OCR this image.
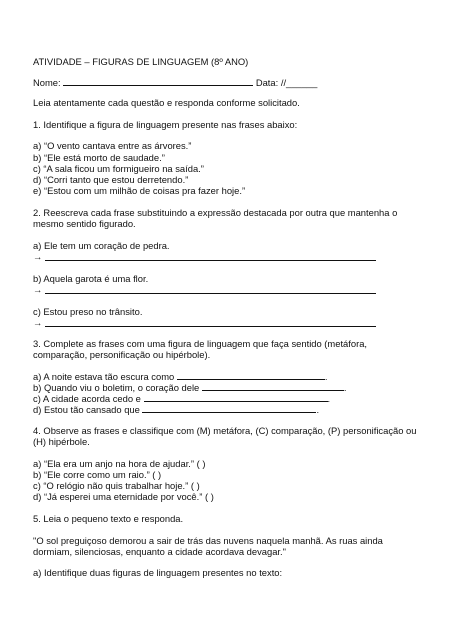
ATIVIDADE – FIGURAS DE LINGUAGEM (8º ANO)
Nome:	Data: //______
Leia atentamente cada questão e responda conforme solicitado.
1. Identifique a figura de linguagem presente nas frases abaixo:
a) “O vento cantava entre as árvores.”
b) “Ele está morto de saudade.”
c) “A sala ficou um formigueiro na saída.”
d) “Corri tanto que estou derretendo.”
e) “Estou com um milhão de coisas pra fazer hoje.”
2. Reescreva cada frase substituindo a expressão destacada por outra que mantenha o
mesmo sentido figurado.
a) Ele tem um coração de pedra.
→
b) Aquela garota é uma flor.
→
c) Estou preso no trânsito.
→
3. Complete as frases com uma figura de linguagem que faça sentido (metáfora,
comparação, personificação ou hipérbole).
a) A noite estava tão escura como	.
b) Quando viu o boletim, o coração dele	.
c) A cidade acorda cedo e	.
d) Estou tão cansado que	.
4. Observe as frases e classifique com (M) metáfora, (C) comparação, (P) personificação ou
(H) hipérbole.
a) “Ela era um anjo na hora de ajudar.” ( )
b) “Ele corre como um raio.” ( )
c) “O relógio não quis trabalhar hoje.” ( )
d) “Já esperei uma eternidade por você.” ( )
5. Leia o pequeno texto e responda.
"O sol preguiçoso demorou a sair de trás das nuvens naquela manhã. As ruas ainda
dormiam, silenciosas, enquanto a cidade acordava devagar."
a) Identifique duas figuras de linguagem presentes no texto:
